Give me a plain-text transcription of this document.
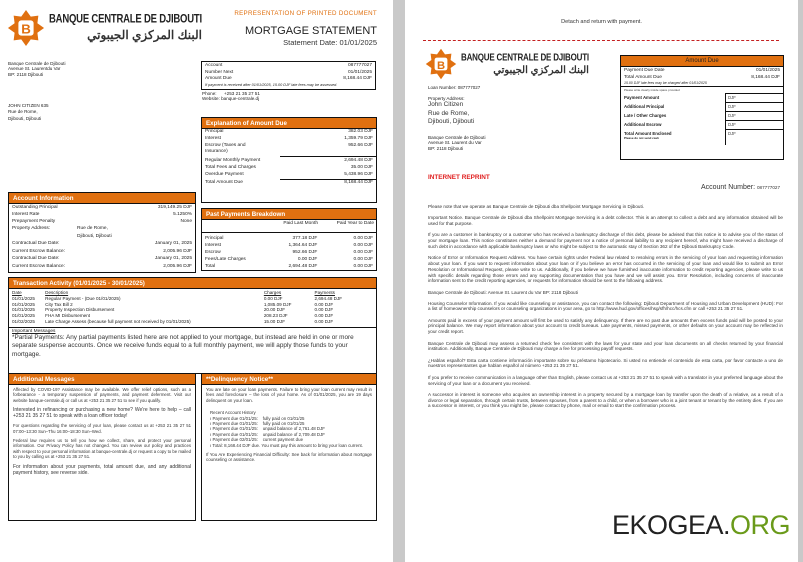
B
BANQUE CENTRALE DE DJIBOUTI
البنك المركزي الجيبوتي
REPRESENTATION OF PRINTED DOCUMENT
MORTGAGE STATEMENT
Statement Date: 01/01/2025
Banque Centrale de Djibouti
Avenue St. Laurentdu Var
BP: 2118 Djibouti
JOHN CITIZEN 635
Rue de Rome,
Djibouti, Djibouti
Account	087777027
Number Next	01/01/2025
Amount Due	8,168.44 DJF
If payment is received after 01/01/2025, 15.00 DJF late fees may be assessed.
Phone: +253 21 35 27 51
Website: banque-centrale.dj
Explanation of Amount Due
Principal	382.03 DJF
Interest	1,359.79 DJF
Escrow (Taxes and Insurance)
952.66 DJF
Regular Monthly Payment	2,694.48 DJF
Total Fees and Charges	35.00 DJF
Overdue Payment	5,438.96 DJF
Total Amount Due	8,168.44 DJF
Account Information
Outstanding Principal	319,149.25 DJF
Interest Rate	5.1250%
Prepayment Penalty	None
Property Address:	Rue de Rome,
Djibouti, Djibouti
Contractual Due Date:	January 01, 2025
Current Escrow Balance:	2,005.96 DJF
Contractual Due Date:	January 01, 2025
Current Escrow Balance:	2,005.96 DJF
Past Payments Breakdown
Paid Last Month	Paid Year to Date
Principal	377.18 DJF	0.00 DJF
Interest	1,364.64 DJF	0.00 DJF
Escrow	952.66 DJF	0.00 DJF
Fees/Late Charges	0.00 DJF	0.00 DJF
Total	2,694.48 DJF	0.00 DJF
Transaction Activity (01/01/2025 - 30/01/2025)
Date	Description	Charges	Payments
01/01/2025	Regular Payment - (Due 01/01/2025)	0.00 DJF	2,694.48 DJF
01/01/2025	City Tax Bill 2	1,085.09 DJF	0.00 DJF
01/01/2025	Property Inspection Disbursement	20.00 DJF	0.00 DJF
01/01/2025	FHA MI Disbursement	208.23 DJF	0.00 DJF
01/02/2025	Late Charge Assess (because full payment not received by 01/01/2025)	15.00 DJF	0.00 DJF
Important Messages
*Partial Payments: Any partial payments listed here are not applied to your mortgage, but instead are held in one or more separate suspense accounts. Once we receive funds equal to a full monthly payment, we will apply those funds to your mortgage.
Additional Messages

Affected by COVID-19? Assistance may be available. We offer relief options, such as a forbearance - a temporary suspension of payments, and payment deferment. Visit our website banque-centrale.dj or call us at +253 21 35 27 51 to see if you qualify.

Interested in refinancing or purchasing a new home? We're here to help – call +253 21 35 27 51 to speak with a loan officer today!

For questions regarding the servicing of your loan, please contact us at +253 21 35 27 51 07:00–13:30 Sun–Thu 16:00–18:30 Sun–Wed.

Federal law requires us to tell you how we collect, share, and protect your personal information. Our Privacy Policy has not changed. You can review our policy and practices with respect to your personal information at banque-centrale.dj or request a copy to be mailed to you by calling us at +253 21 35 27 51.

For information about your payments, total amount due, and any additional payment history, see reverse side.

**Delinquency Notice**

You are late on your loan payments. Failure to bring your loan current may result in fees and foreclosure – the loss of your home. As of 01/01/2025, you are 19 days delinquent on your loan.

Recent Account History
ı Payment due 01/01/25:    fully paid on 01/01/25
ı Payment due 01/01/25:    fully paid on 01/01/25
ı Payment due 01/01/25:    unpaid balance of 2,761.48 DJF
ı Payment due 01/01/25:    unpaid balance of 2,709.48 DJF
ı Payment due 02/01/25:    current payment due
ı Total: 8,168.44 DJF due. You must pay this amount to bring your loan current.

If You Are Experiencing Financial Difficulty: See back for information about mortgage counseling or assistance.

Detach and return with payment.
B
BANQUE CENTRALE DE DJIBOUTI
البنك المركزي الجيبوتي
Loan Number: 087777027
Property Address:
John Citizen
Rue de Rome,
Djibouti, Djibouti
Banque Centrale de Djibouti
Avenue St. Laurent du Var
BP: 2118 Djibouti
Amount Due
Payment Due Date	01/01/2025
Total Amount Due	8,168.44 DJF
15.00 DJF late fees may be charged after 01/01/2025
Please write clearly inside space provided
Payment Amount	DJF
Additional Principal	DJF
Late / Other Charges	DJF
Additional Escrow	DJF
Total Amount Enclosed
Please do not send cash
DJF
INTERNET REPRINT
Account Number: 087777027

Please note that we operate as Banque Centrale de Djibouti dba Shellpoint Mortgage Servicing in Djibouti.

Important Notice. Banque Centrale de Djibouti dba Shellpoint Mortgage Servicing is a debt collector. This is an attempt to collect a debt and any information obtained will be used for that purpose.

If you are a customer in bankruptcy or a customer who has received a bankruptcy discharge of this debt, please be advised that this notice is to advise you of the status of your mortgage loan. This notice constitutes neither a demand for payment nor a notice of personal liability to any recipient hereof, who might have received a discharge of such debt in accordance with applicable bankruptcy laws or who might be subject to the automatic stay of Section 362 of the Djibouti Bankruptcy Code.

Notice of Error or Information Request Address. You have certain rights under Federal law related to resolving errors in the servicing of your loan and requesting information about your loan. If you want to request information about your loan or if you believe an error has occurred in the servicing of your loan and would like to submit an Error Resolution or Informational Request, please write to us. Additionally, if you believe we have furnished inaccurate information to credit reporting agencies, please write to us with specific details regarding those errors and any supporting documentation that you have and we will assist you. Error Resolution, including concerns of inaccurate information sent to the credit reporting agencies, or requests for information should be sent to the following address.

Banque Centrale de Djibouti: Avenue St. Laurent du Var BP: 2118 Djibouti

Housing Counselor Information. If you would like counseling or assistance, you can contact the following: Djibouti Department of Housing and Urban Development (HUD): For a list of homeownership counselors or counseling organizations in your area, go to http://www.hud.gov/offices/hsg/sfh/hcc/hcs.cfm or call +253 21 35 27 51.

Amounts paid in excess of your payment amount will first be used to satisfy any delinquency. If there are no past due amounts then excess funds paid will be posted to your principal balance. We may report information about your account to credit bureaus. Late payments, missed payments, or other defaults on your account may be reflected in your credit report.

Banque Centrale de Djibouti may assess a returned check fee consistent with the laws for your state and your loan documents on all checks returned by your financial institution. Additionally, Banque Centrale de Djibouti may charge a fee for processing payoff requests.

¿Hablas español? Esta carta contiene información importante sobre su préstamo hipotecario. Si usted no entiende el contenido de esta carta, por favor contacte a uno de nuestros representantes que hablan español al número +253 21 35 27 51.

If you prefer to receive communication in a language other than English, please contact us at +253 21 35 27 51 to speak with a translator in your preferred language about the servicing of your loan or a document you received.

A successor in interest is someone who acquires an ownership interest in a property secured by a mortgage loan by transfer upon the death of a relative, as a result of a divorce or legal separation, through certain trusts, between spouses, from a parent to a child, or when a borrower who is a joint tenant or tenant by the entirety dies. If you are a successor in interest, or you think you might be, please contact by phone, mail or email to start the confirmation process.

EKOGEA.ORG
